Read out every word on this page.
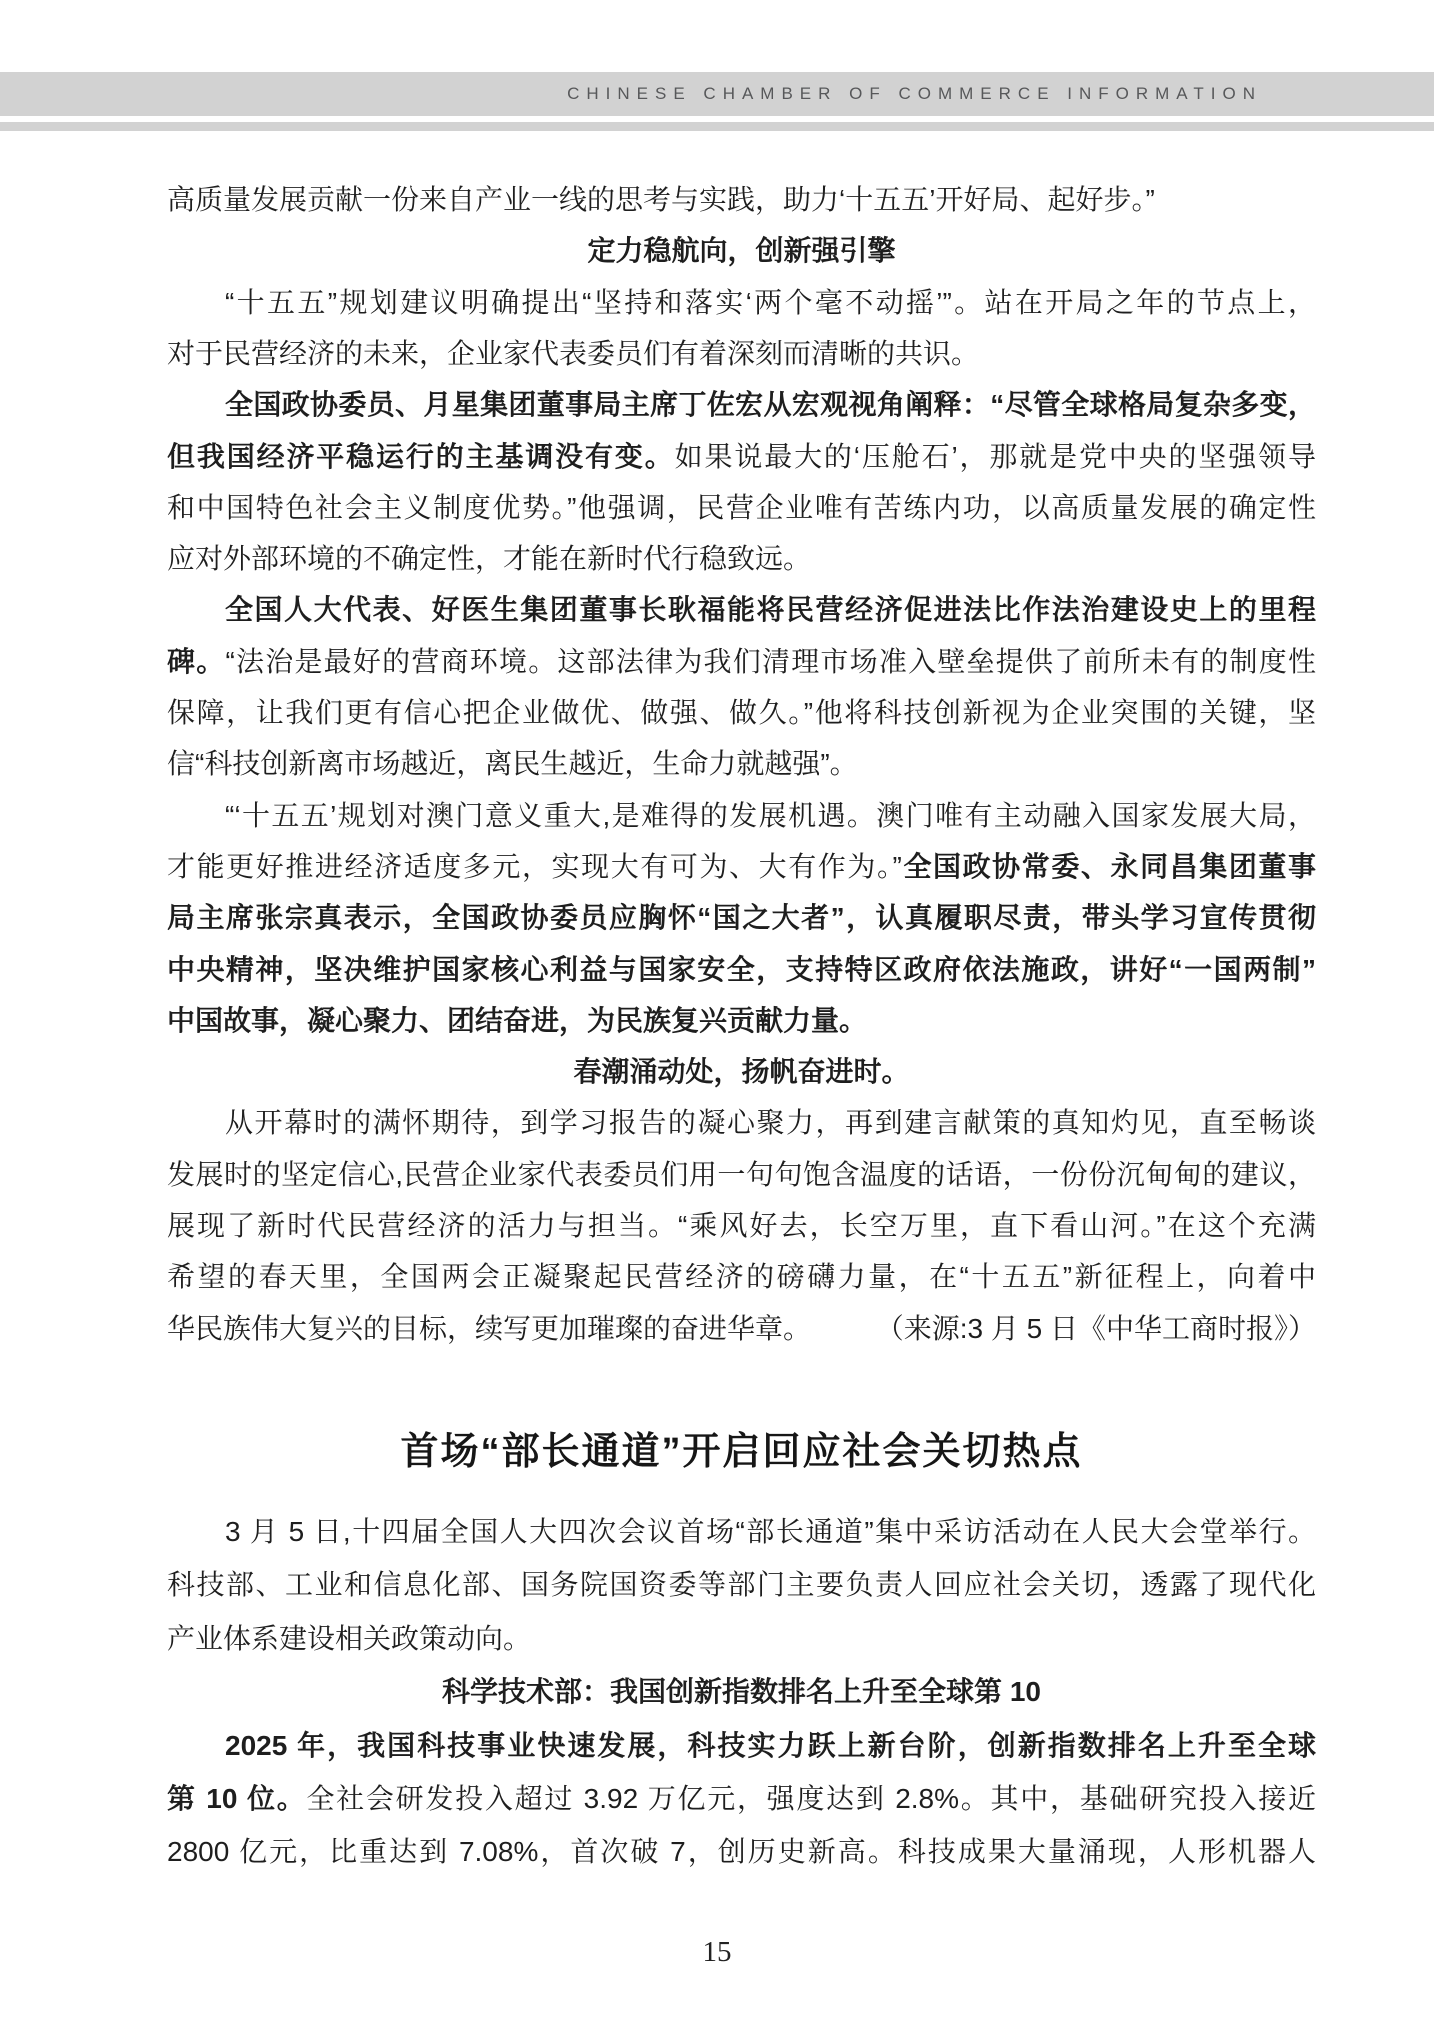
CHINESE CHAMBER OF COMMERCE INFORMATION
高质量发展贡献一份来自产业一线的思考与实践，助力‘十五五’开好局、起好步。”
定力稳航向，创新强引擎
“十五五”规划建议明确提出“坚持和落实‘两个毫不动摇’”。站在开局之年的节点上，
对于民营经济的未来，企业家代表委员们有着深刻而清晰的共识。
全国政协委员、月星集团董事局主席丁佐宏从宏观视角阐释：“尽管全球格局复杂多变，
但我国经济平稳运行的主基调没有变。如果说最大的‘压舱石’，那就是党中央的坚强领导
和中国特色社会主义制度优势。”他强调，民营企业唯有苦练内功，以高质量发展的确定性
应对外部环境的不确定性，才能在新时代行稳致远。
全国人大代表、好医生集团董事长耿福能将民营经济促进法比作法治建设史上的里程
碑。“法治是最好的营商环境。这部法律为我们清理市场准入壁垒提供了前所未有的制度性
保障，让我们更有信心把企业做优、做强、做久。”他将科技创新视为企业突围的关键，坚
信“科技创新离市场越近，离民生越近，生命力就越强”。
“‘十五五’规划对澳门意义重大,是难得的发展机遇。澳门唯有主动融入国家发展大局，
才能更好推进经济适度多元，实现大有可为、大有作为。”全国政协常委、永同昌集团董事
局主席张宗真表示，全国政协委员应胸怀“国之大者”，认真履职尽责，带头学习宣传贯彻
中央精神，坚决维护国家核心利益与国家安全，支持特区政府依法施政，讲好“一国两制”
中国故事，凝心聚力、团结奋进，为民族复兴贡献力量。
春潮涌动处，扬帆奋进时。
从开幕时的满怀期待，到学习报告的凝心聚力，再到建言献策的真知灼见，直至畅谈
发展时的坚定信心,民营企业家代表委员们用一句句饱含温度的话语，一份份沉甸甸的建议，
展现了新时代民营经济的活力与担当。“乘风好去，长空万里，直下看山河。”在这个充满
希望的春天里，全国两会正凝聚起民营经济的磅礴力量，在“十五五”新征程上，向着中
华民族伟大复兴的目标，续写更加璀璨的奋进华章。 （来源:3 月 5 日《中华工商时报》）
首场“部长通道”开启回应社会关切热点
3 月 5 日,十四届全国人大四次会议首场“部长通道”集中采访活动在人民大会堂举行。
科技部、工业和信息化部、国务院国资委等部门主要负责人回应社会关切，透露了现代化
产业体系建设相关政策动向。
科学技术部：我国创新指数排名上升至全球第 10
2025 年，我国科技事业快速发展，科技实力跃上新台阶，创新指数排名上升至全球
第 10 位。全社会研发投入超过 3.92 万亿元，强度达到 2.8%。其中，基础研究投入接近
2800 亿元，比重达到 7.08%，首次破 7，创历史新高。科技成果大量涌现，人形机器人
15
